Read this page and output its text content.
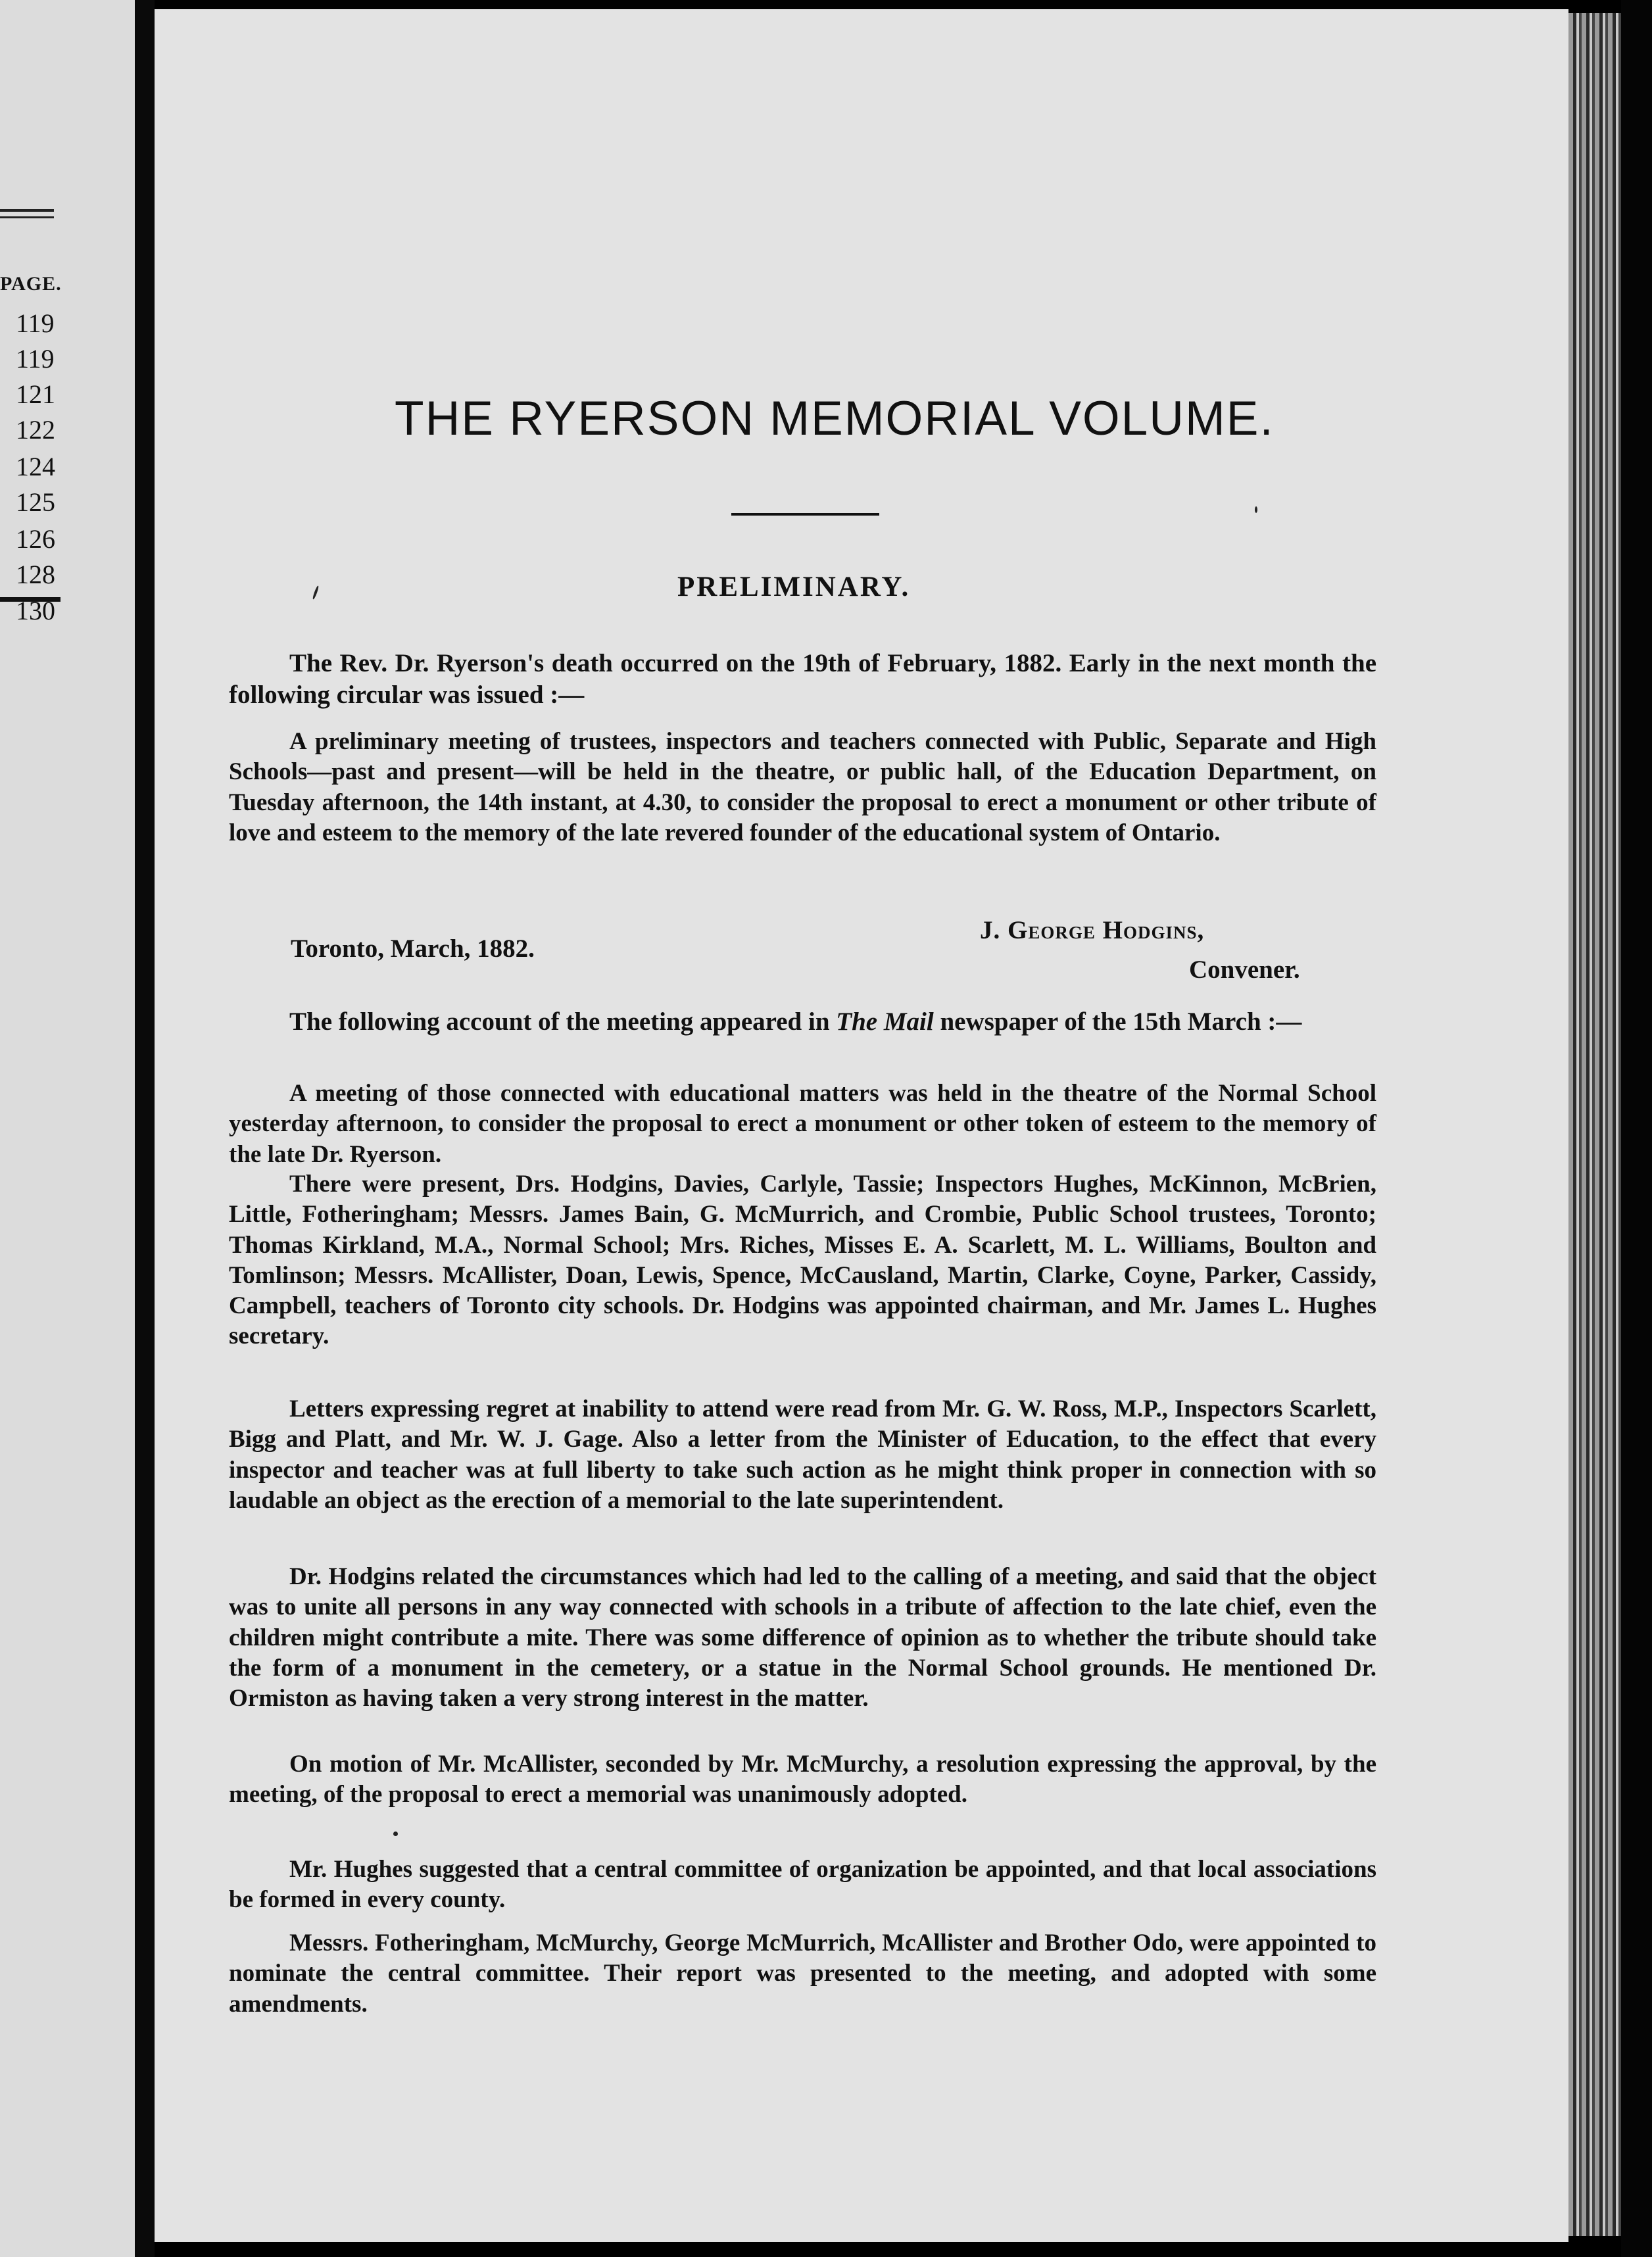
PAGE.
119
119
121
122
124
125
126
128
130
THE RYERSON MEMORIAL VOLUME.
PRELIMINARY.
The Rev. Dr. Ryerson's death occurred on the 19th of February, 1882. Early in the next month the following circular was issued :—
A preliminary meeting of trustees, inspectors and teachers connected with Public, Separate and High Schools—past and present—will be held in the theatre, or public hall, of the Education Department, on Tuesday afternoon, the 14th instant, at 4.30, to consider the proposal to erect a monument or other tribute of love and esteem to the memory of the late revered founder of the educational system of Ontario.
J. George Hodgins,
Toronto, March, 1882.
Convener.
The following account of the meeting appeared in The Mail newspaper of the 15th March :—
A meeting of those connected with educational matters was held in the theatre of the Normal School yesterday afternoon, to consider the proposal to erect a monument or other token of esteem to the memory of the late Dr. Ryerson.
There were present, Drs. Hodgins, Davies, Carlyle, Tassie; Inspectors Hughes, McKinnon, McBrien, Little, Fotheringham; Messrs. James Bain, G. McMurrich, and Crombie, Public School trustees, Toronto; Thomas Kirkland, M.A., Normal School; Mrs. Riches, Misses E. A. Scarlett, M. L. Williams, Boulton and Tomlinson; Messrs. McAllister, Doan, Lewis, Spence, McCausland, Martin, Clarke, Coyne, Parker, Cassidy, Campbell, teachers of Toronto city schools. Dr. Hodgins was appointed chairman, and Mr. James L. Hughes secretary.
Letters expressing regret at inability to attend were read from Mr. G. W. Ross, M.P., Inspectors Scarlett, Bigg and Platt, and Mr. W. J. Gage. Also a letter from the Minister of Education, to the effect that every inspector and teacher was at full liberty to take such action as he might think proper in connection with so laudable an object as the erection of a memorial to the late superintendent.
Dr. Hodgins related the circumstances which had led to the calling of a meeting, and said that the object was to unite all persons in any way connected with schools in a tribute of affection to the late chief, even the children might contribute a mite. There was some difference of opinion as to whether the tribute should take the form of a monument in the cemetery, or a statue in the Normal School grounds. He mentioned Dr. Ormiston as having taken a very strong interest in the matter.
On motion of Mr. McAllister, seconded by Mr. McMurchy, a resolution expressing the approval, by the meeting, of the proposal to erect a memorial was unanimously adopted.
Mr. Hughes suggested that a central committee of organization be appointed, and that local associations be formed in every county.
Messrs. Fotheringham, McMurchy, George McMurrich, McAllister and Brother Odo, were appointed to nominate the central committee. Their report was presented to the meeting, and adopted with some amendments.
